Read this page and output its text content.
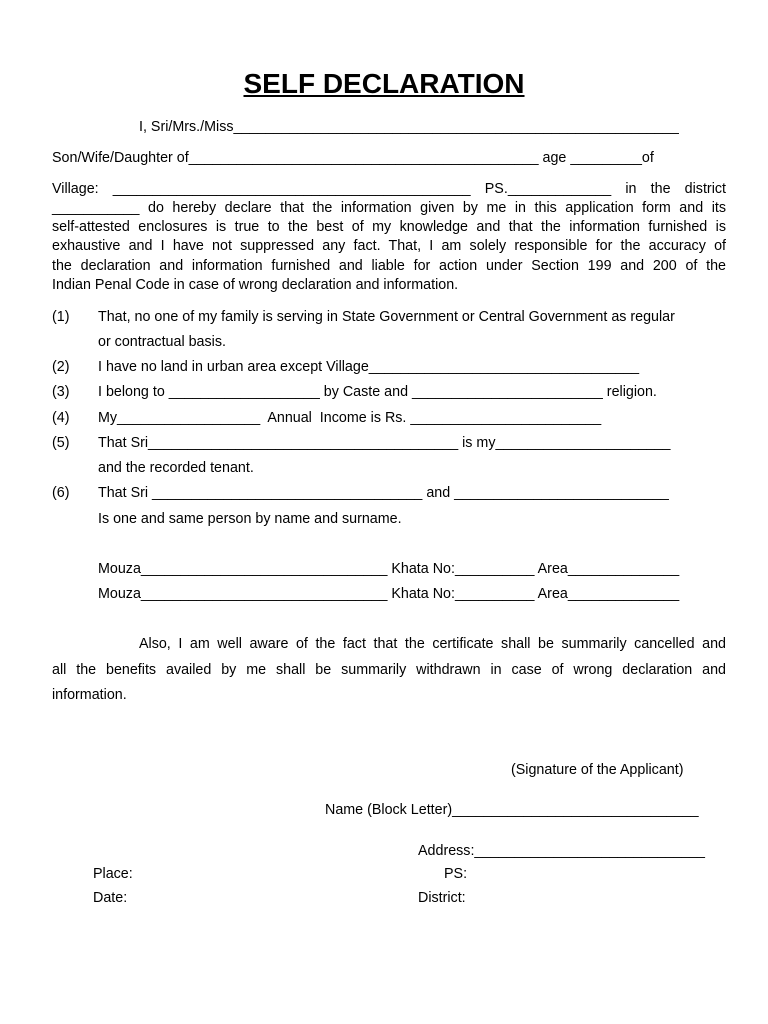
SELF DECLARATION
I, Sri/Mrs./Miss________________________________________________________
Son/Wife/Daughter of____________________________________________ age _________of
Village: _____________________________________________ PS._____________ in the district
___________ do hereby declare that the information given by me in this application form and its
self-attested enclosures is true to the best of my knowledge and that the information furnished is
exhaustive and I have not suppressed any fact. That, I am solely responsible for the accuracy of
the declaration and information furnished and liable for action under Section 199 and 200 of the
Indian Penal Code in case of wrong declaration and information.
(1) That, no one of my family is serving in State Government or Central Government as regular
or contractual basis.
(2) I have no land in urban area except Village__________________________________
(3) I belong to ___________________ by Caste and ________________________ religion.
(4) My__________________  Annual  Income is Rs. ________________________
(5) That Sri_______________________________________ is my______________________
and the recorded tenant.
(6) That Sri __________________________________ and ___________________________
Is one and same person by name and surname.
Mouza_______________________________ Khata No:__________ Area______________
Mouza_______________________________ Khata No:__________ Area______________
Also, I am well aware of the fact that the certificate shall be summarily cancelled and
all the benefits availed by me shall be summarily withdrawn in case of wrong declaration and
information.
(Signature of the Applicant)
Name (Block Letter)_______________________________
Address:_____________________________
Place:	PS:
Date:	District:
